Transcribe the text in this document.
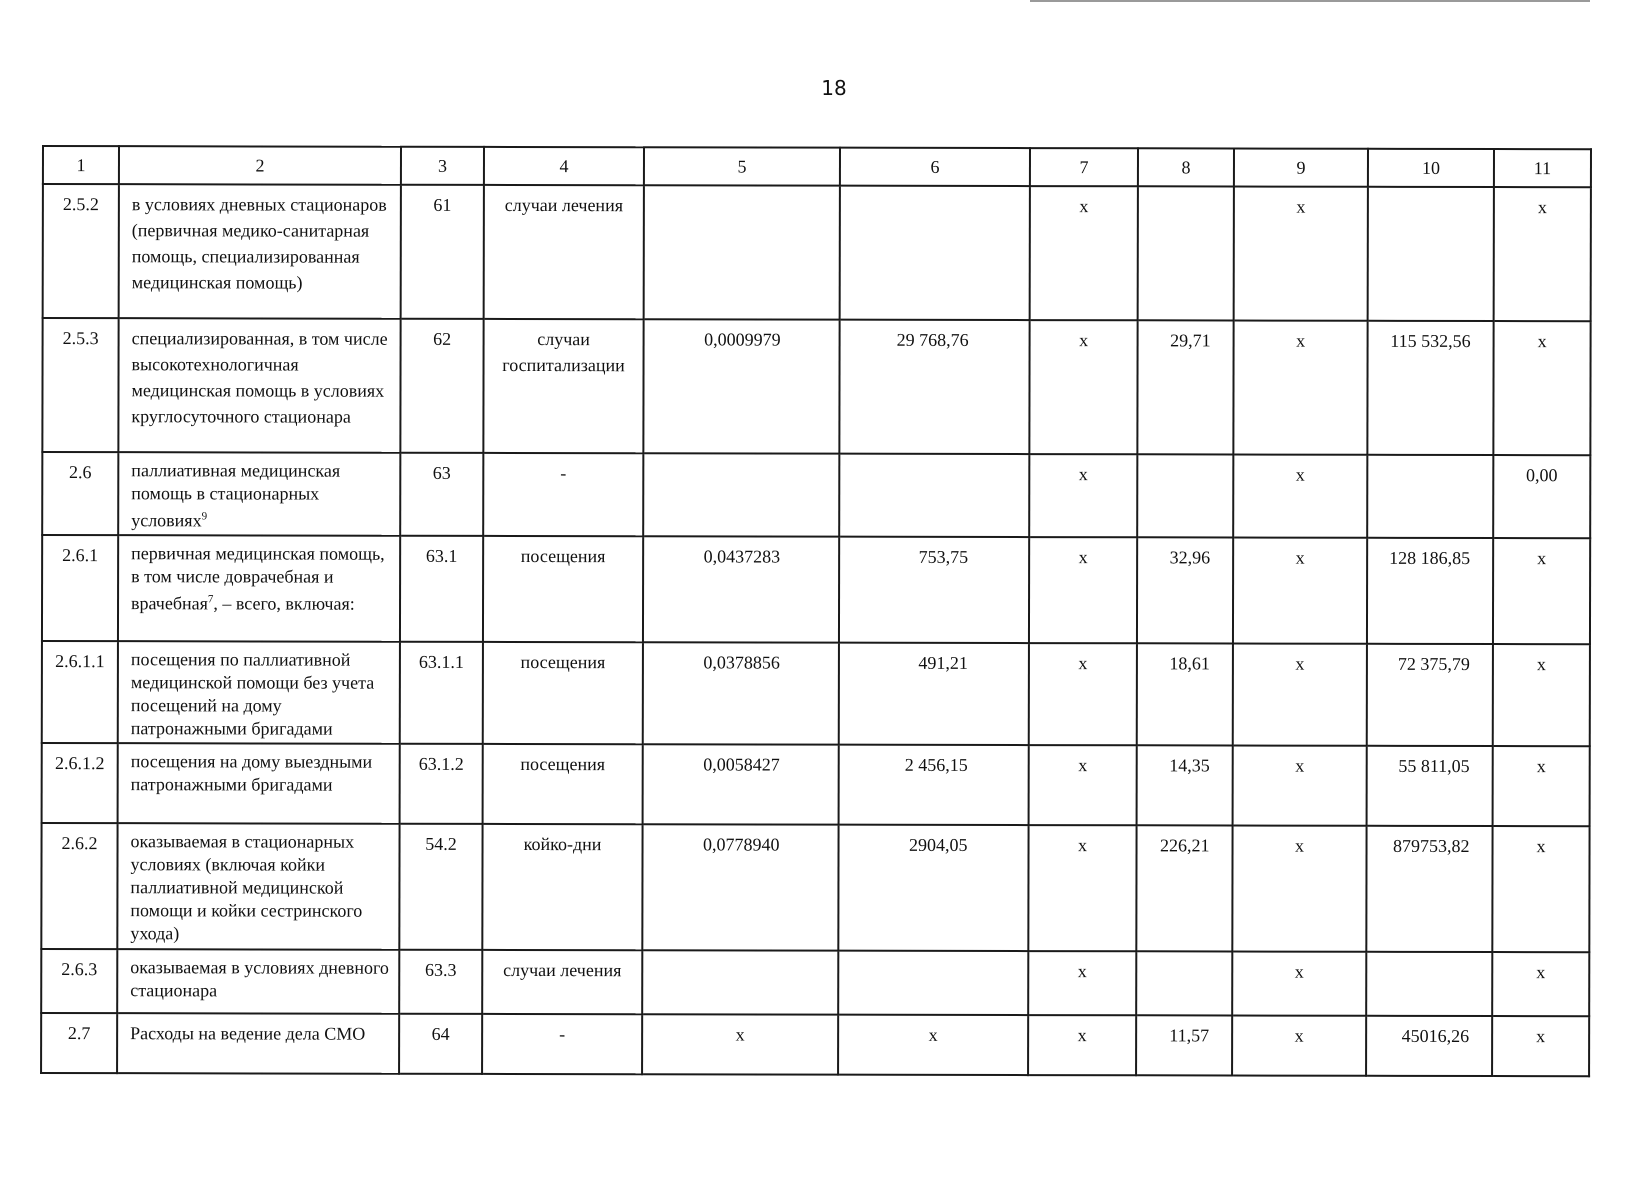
18
1	2	3	4	5	6	7	8	9	10	11
2.5.2	в условиях дневных стационаров (первичная медико-санитарная помощь, специализированная медицинская помощь)	61	случаи лечения			x		x		x
2.5.3	специализированная, в том числе высокотехнологичная медицинская помощь в условиях круглосуточного стационара	62	случаи госпитализации	0,0009979	29 768,76	x	29,71	x	115 532,56	x
2.6	паллиативная медицинская помощь в стационарных условиях$^9$	63	-			x		x		0,00
2.6.1	первичная медицинская помощь, в том числе доврачебная и врачебная$^7$, – всего, включая:	63.1	посещения	0,0437283	753,75	x	32,96	x	128 186,85	x
2.6.1.1	посещения по паллиативной медицинской помощи без учета посещений на дому патронажными бригадами	63.1.1	посещения	0,0378856	491,21	x	18,61	x	72 375,79	x
2.6.1.2	посещения на дому выездными патронажными бригадами	63.1.2	посещения	0,0058427	2 456,15	x	14,35	x	55 811,05	x
2.6.2	оказываемая в стационарных условиях (включая койки паллиативной медицинской помощи и койки сестринского ухода)	54.2	койко-дни	0,0778940	2904,05	x	226,21	x	879753,82	x
2.6.3	оказываемая в условиях дневного стационара	63.3	случаи лечения			x		x		x
2.7	Расходы на ведение дела СМО	64	-	x	x	x	11,57	x	45016,26	x
